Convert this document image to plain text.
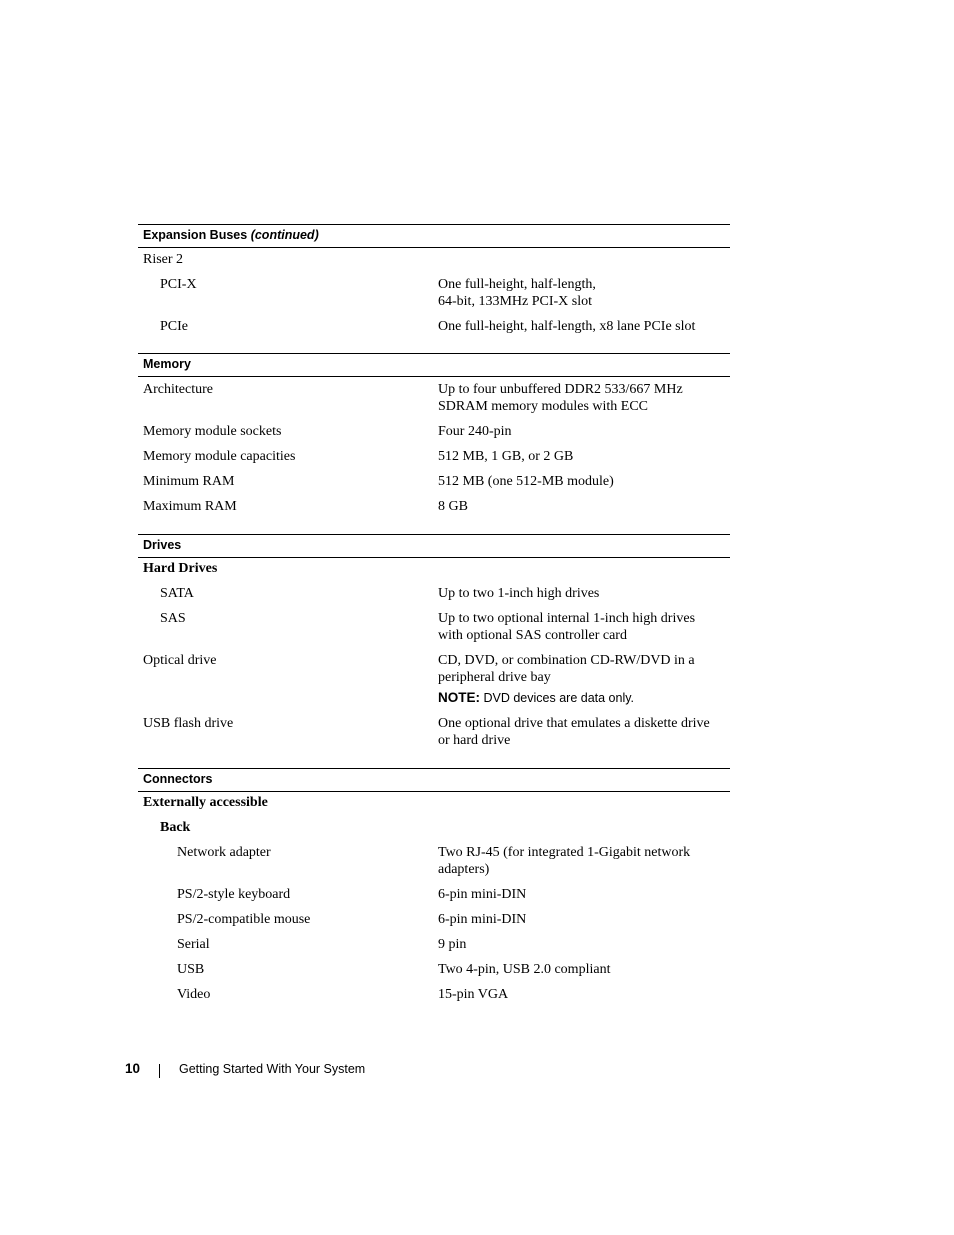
Expansion Buses (continued)
Riser 2
PCI-X	One full-height, half-length,
64-bit, 133MHz PCI-X slot
PCIe	One full-height, half-length, x8 lane PCIe slot
Memory
Architecture	Up to four unbuffered DDR2 533/667 MHz
SDRAM memory modules with ECC
Memory module sockets	Four 240-pin
Memory module capacities	512 MB, 1 GB, or 2 GB
Minimum RAM	512 MB (one 512-MB module)
Maximum RAM	8 GB
Drives
Hard Drives
SATA	Up to two 1-inch high drives
SAS	Up to two optional internal 1-inch high drives
with optional SAS controller card
Optical drive	CD, DVD, or combination CD-RW/DVD in a
peripheral drive bay
NOTE: DVD devices are data only.
USB flash drive	One optional drive that emulates a diskette drive
or hard drive
Connectors
Externally accessible
Back
Network adapter	Two RJ-45 (for integrated 1-Gigabit network
adapters)
PS/2-style keyboard	6-pin mini-DIN
PS/2-compatible mouse	6-pin mini-DIN
Serial	9 pin
USB	Two 4-pin, USB 2.0 compliant
Video	15-pin VGA
10	Getting Started With Your System
